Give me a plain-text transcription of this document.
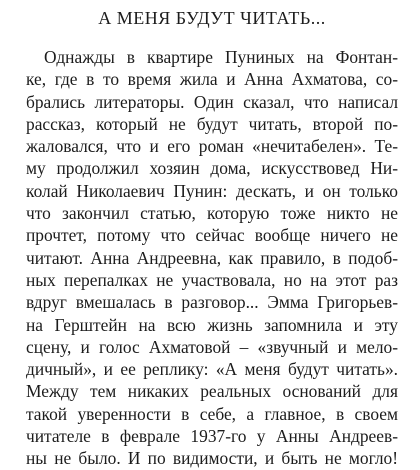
А МЕНЯ БУДУТ ЧИТАТЬ...
Однажды в квартире Пуниных на Фонтан-
ке, где в то время жила и Анна Ахматова, со-
брались литераторы. Один сказал, что написал
рассказ, который не будут читать, второй по-
жаловался, что и его роман «нечитабелен». Те-
му продолжил хозяин дома, искусствовед Ни-
колай Николаевич Пунин: дескать, и он только
что закончил статью, которую тоже никто не
прочтет, потому что сейчас вообще ничего не
читают. Анна Андреевна, как правило, в подоб-
ных перепалках не участвовала, но на этот раз
вдруг вмешалась в разговор... Эмма Григорьев-
на Герштейн на всю жизнь запомнила и эту
сцену, и голос Ахматовой – «звучный и мело-
дичный», и ее реплику: «А меня будут читать».
Между тем никаких реальных оснований для
такой уверенности в себе, а главное, в своем
читателе в феврале 1937-го у Анны Андреев-
ны не было. И по видимости, и быть не могло!
